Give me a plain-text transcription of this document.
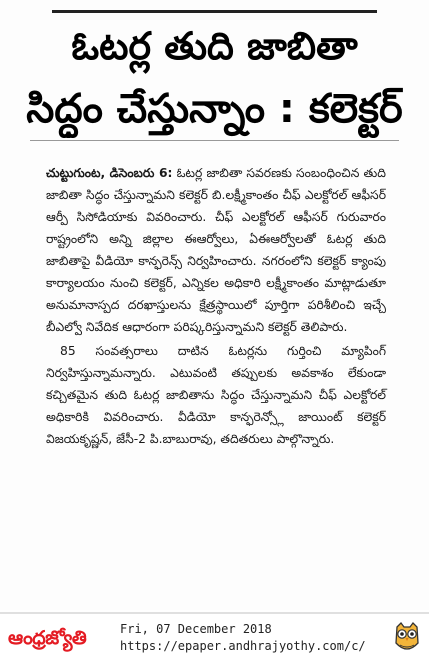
ఓటర్ల తుది జాబితా
సిద్ధం చేస్తున్నాం : కలెక్టర్

చుట్టుగుంట, డిసెంబరు 6: ఓటర్ల జాబితా సవరణకు సంబంధించిన తుది జాబితా సిద్ధం చేస్తున్నామని కలెక్టర్ బి.లక్ష్మీకాంతం చీఫ్ ఎలక్టోరల్ ఆఫీసర్ ఆర్పీ సిసోడియాకు వివరించారు. చీఫ్ ఎలక్టోరల్ ఆఫీసర్ గురువారం రాష్ట్రంలోని అన్ని జిల్లాల ఈఆర్వోలు, ఏఈఆర్వోలతో ఓటర్ల తుది జాబితాపై వీడియో కాన్ఫరెన్స్ నిర్వహించారు. నగరంలోని కలెక్టర్ క్యాంపు కార్యాలయం నుంచి కలెక్టర్, ఎన్నికల అధికారి లక్ష్మీకాంతం మాట్లాడుతూ అనుమానాస్పద దరఖాస్తులను క్షేత్రస్థాయిలో పూర్తిగా పరిశీలించి ఇచ్చే బీఎల్వో నివేదిక ఆధారంగా పరిష్కరిస్తున్నామని కలెక్టర్ తెలిపారు.

85 సంవత్సరాలు దాటిన ఓటర్లను గుర్తించి మ్యాపింగ్ నిర్వహిస్తున్నామన్నారు. ఎటువంటి తప్పులకు అవకాశం లేకుండా కచ్చితమైన తుది ఓటర్ల జాబితాను సిద్ధం చేస్తున్నామని చీఫ్ ఎలక్టోరల్ అధికారికి వివరించారు. వీడియో కాన్ఫరెన్స్లో జాయింట్ కలెక్టర్ విజయకృష్ణన్, జేసీ-2 పి.బాబురావు, తదితరులు పాల్గొన్నారు.

ఆంధ్రజ్యోతి	Fri, 07 December 2018
https://epaper.andhrajyothy.com/c/
